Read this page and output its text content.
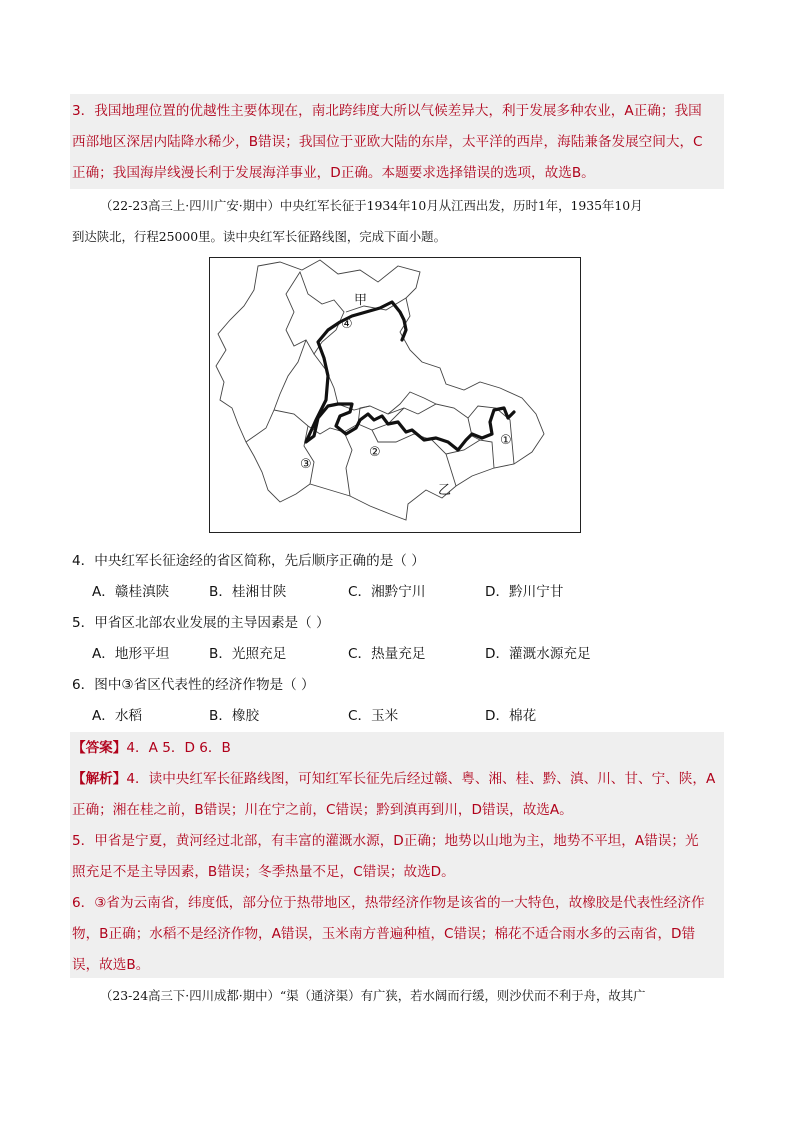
3．我国地理位置的优越性主要体现在，南北跨纬度大所以气候差异大，利于发展多种农业，A正确；我国
西部地区深居内陆降水稀少，B错误；我国位于亚欧大陆的东岸，太平洋的西岸，海陆兼备发展空间大，C
正确；我国海岸线漫长利于发展海洋事业，D正确。本题要求选择错误的选项，故选B。
（22-23高三上·四川广安·期中）中央红军长征于1934年10月从江西出发，历时1年，1935年10月
到达陕北，行程25000里。读中央红军长征路线图，完成下面小题。
甲
乙
①
②
③
④
4．中央红军长征途经的省区简称，先后顺序正确的是（ ）
A．赣桂滇陕	B．桂湘甘陕	C．湘黔宁川	D．黔川宁甘
5．甲省区北部农业发展的主导因素是（ ）
A．地形平坦	B．光照充足	C．热量充足	D．灌溉水源充足
6．图中③省区代表性的经济作物是（ ）
A．水稻	B．橡胶	C．玉米	D．棉花
【答案】4．A 5．D 6．B
【解析】4．读中央红军长征路线图，可知红军长征先后经过赣、粤、湘、桂、黔、滇、川、甘、宁、陕，A
正确；湘在桂之前，B错误；川在宁之前，C错误；黔到滇再到川，D错误，故选A。
5．甲省是宁夏，黄河经过北部，有丰富的灌溉水源，D正确；地势以山地为主，地势不平坦，A错误；光
照充足不是主导因素，B错误；冬季热量不足，C错误；故选D。
6．③省为云南省，纬度低，部分位于热带地区，热带经济作物是该省的一大特色，故橡胶是代表性经济作
物，B正确；水稻不是经济作物，A错误，玉米南方普遍种植，C错误；棉花不适合雨水多的云南省，D错
误，故选B。
（23-24高三下·四川成都·期中）“渠（通济渠）有广狭，若水阔而行缓，则沙伏而不利于舟，故其广
